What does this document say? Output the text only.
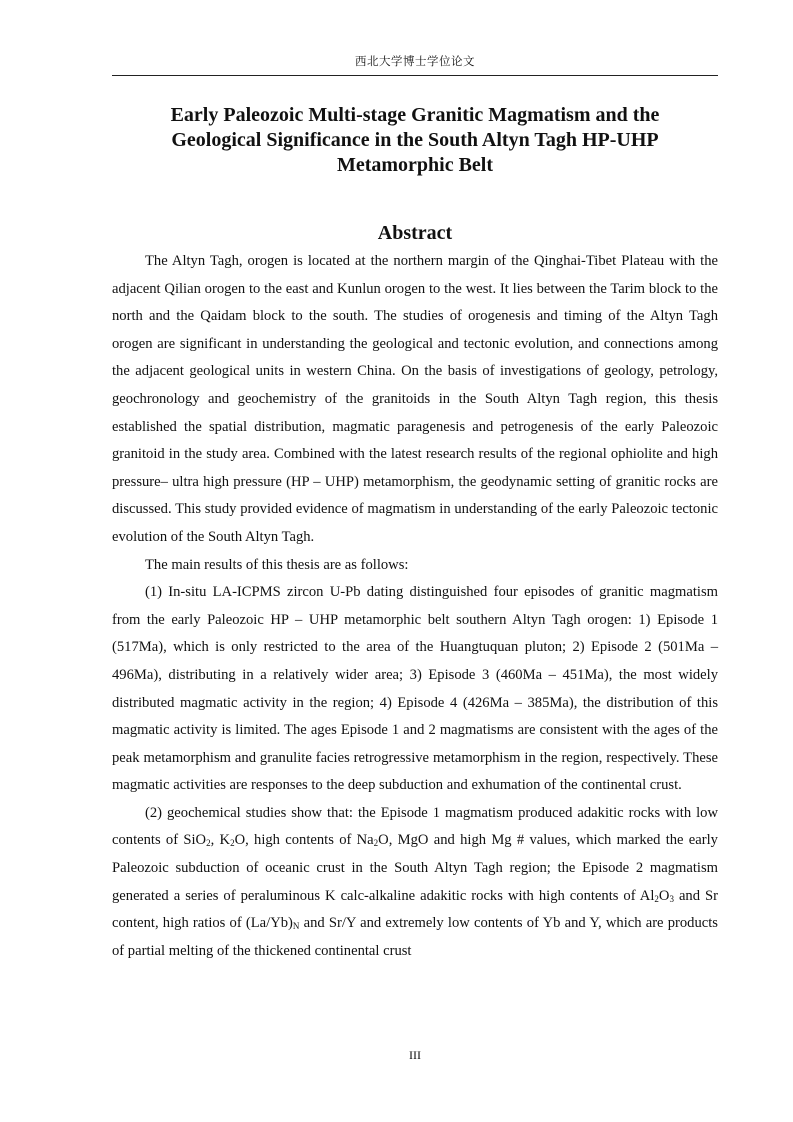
西北大学博士学位论文
Early Paleozoic Multi-stage Granitic Magmatism and the
Geological Significance in the South Altyn Tagh HP-UHP
Metamorphic Belt
Abstract

The Altyn Tagh, orogen is located at the northern margin of the Qinghai-Tibet Plateau with the adjacent Qilian orogen to the east and Kunlun orogen to the west. It lies between the Tarim block to the north and the Qaidam block to the south. The studies of orogenesis and timing of the Altyn Tagh orogen are significant in understanding the geological and tectonic evolution, and connections among the adjacent geological units in western China. On the basis of investigations of geology, petrology, geochronology and geochemistry of the granitoids in the South Altyn Tagh region, this thesis established the spatial distribution, magmatic paragenesis and petrogenesis of the early Paleozoic granitoid in the study area. Combined with the latest research results of the regional ophiolite and high pressure– ultra high pressure (HP – UHP) metamorphism, the geodynamic setting of granitic rocks are discussed. This study provided evidence of magmatism in understanding of the early Paleozoic tectonic evolution of the South Altyn Tagh.

The main results of this thesis are as follows:

(1) In-situ LA-ICPMS zircon U-Pb dating distinguished four episodes of granitic magmatism from the early Paleozoic HP – UHP metamorphic belt southern Altyn Tagh orogen: 1) Episode 1 (517Ma), which is only restricted to the area of the Huangtuquan pluton; 2) Episode 2 (501Ma – 496Ma), distributing in a relatively wider area; 3) Episode 3 (460Ma – 451Ma), the most widely distributed magmatic activity in the region; 4) Episode 4 (426Ma – 385Ma), the distribution of this magmatic activity is limited. The ages Episode 1 and 2 magmatisms are consistent with the ages of the peak metamorphism and granulite facies retrogressive metamorphism in the region, respectively. These magmatic activities are responses to the deep subduction and exhumation of the continental crust.

(2) geochemical studies show that: the Episode 1 magmatism produced adakitic rocks with low contents of SiO$_2$, $K_2O$, high contents of $Na_2O$, MgO and high Mg # values, which marked the early Paleozoic subduction of oceanic crust in the South Altyn Tagh region; the Episode 2 magmatism generated a series of peraluminous K calc-alkaline adakitic rocks with high contents of $Al_2O_3$ and Sr content, high ratios of $(La/Yb)_N$ and Sr/Y and extremely low contents of Yb and Y, which are products of partial melting of the thickened continental crust

III
